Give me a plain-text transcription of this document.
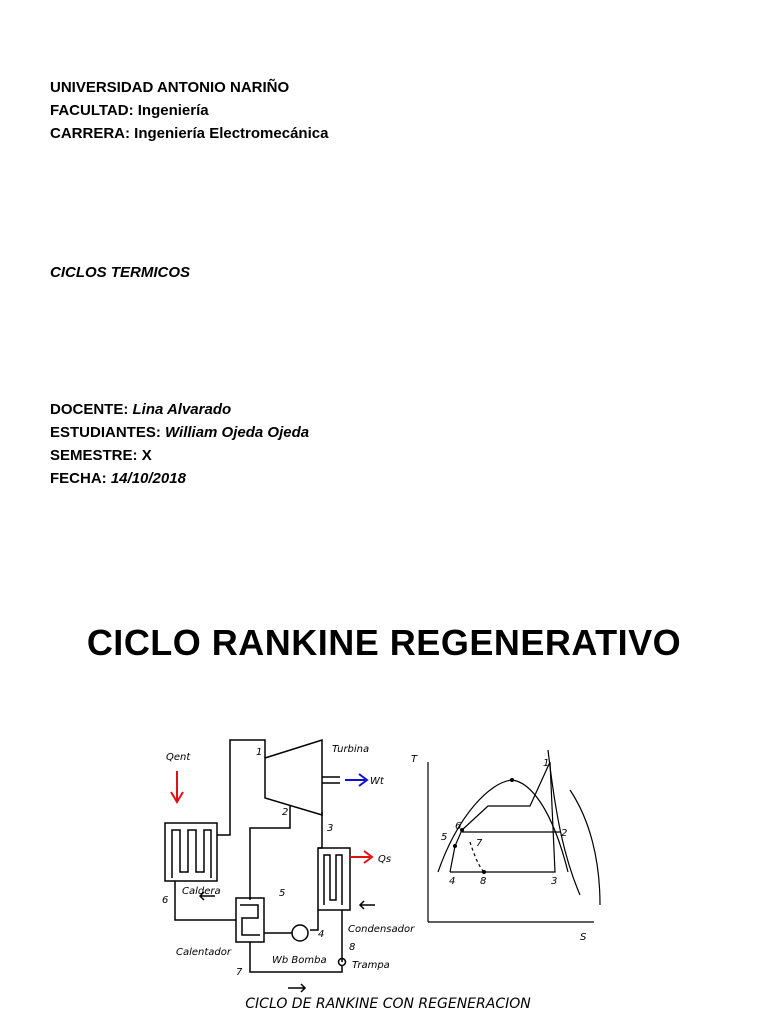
UNIVERSIDAD ANTONIO NARIÑO
FACULTAD: Ingeniería
CARRERA: Ingeniería Electromecánica
CICLOS TERMICOS
DOCENTE: Lina Alvarado
ESTUDIANTES: William Ojeda Ojeda
SEMESTRE: X
FECHA: 14/10/2018
CICLO RANKINE REGENERATIVO
Qent
Turbina
Wt
Qs
Caldera
Condensador
Calentador
Wb Bomba	Trampa
1
2
3
4
5
6
7
8
T
S
1
2
3
4
5
6
7
8
CICLO DE RANKINE CON REGENERACION
